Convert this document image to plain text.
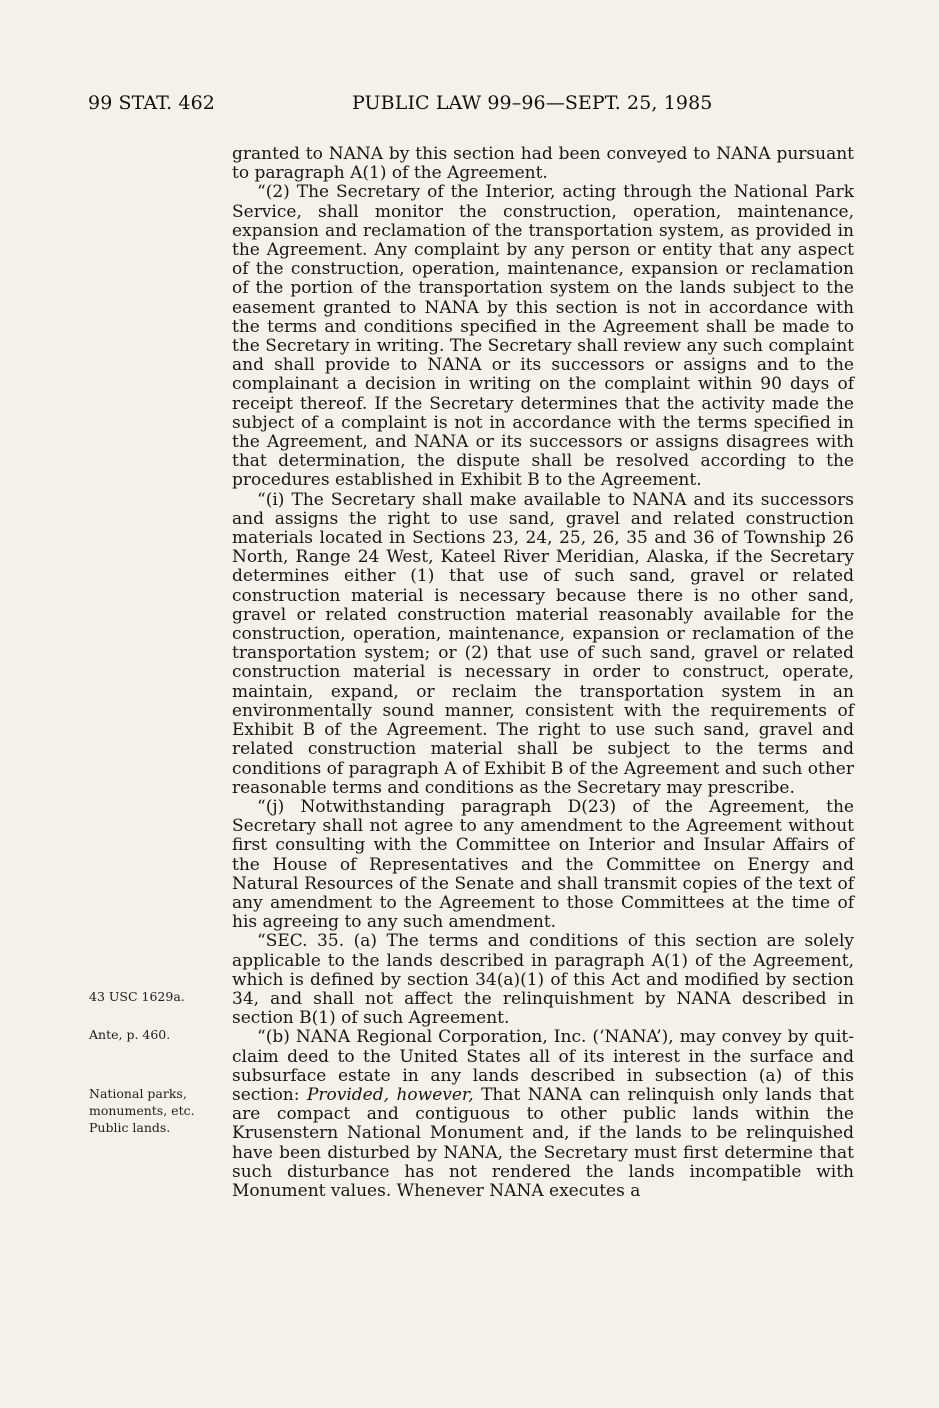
99 STAT. 462	PUBLIC LAW 99–96—SEPT. 25, 1985

granted to NANA by this section had been conveyed to NANA pursuant to paragraph A(1) of the Agreement.

“(2) The Secretary of the Interior, acting through the National Park Service, shall monitor the construction, operation, maintenance, expansion and reclamation of the transportation system, as provided in the Agreement. Any complaint by any person or entity that any aspect of the construction, operation, maintenance, expansion or reclamation of the portion of the transportation system on the lands subject to the easement granted to NANA by this section is not in accordance with the terms and conditions specified in the Agreement shall be made to the Secretary in writing. The Secretary shall review any such complaint and shall provide to NANA or its successors or assigns and to the complainant a decision in writing on the complaint within 90 days of receipt thereof. If the Secretary determines that the activity made the subject of a complaint is not in accordance with the terms specified in the Agreement, and NANA or its successors or assigns disagrees with that determination, the dispute shall be resolved according to the procedures established in Exhibit B to the Agreement.

“(i) The Secretary shall make available to NANA and its successors and assigns the right to use sand, gravel and related construction materials located in Sections 23, 24, 25, 26, 35 and 36 of Township 26 North, Range 24 West, Kateel River Meridian, Alaska, if the Secretary determines either (1) that use of such sand, gravel or related construction material is necessary because there is no other sand, gravel or related construction material reasonably available for the construction, operation, maintenance, expansion or reclamation of the transportation system; or (2) that use of such sand, gravel or related construction material is necessary in order to construct, operate, maintain, expand, or reclaim the transportation system in an environmentally sound manner, consistent with the requirements of Exhibit B of the Agreement. The right to use such sand, gravel and related construction material shall be subject to the terms and conditions of paragraph A of Exhibit B of the Agreement and such other reasonable terms and conditions as the Secretary may prescribe.

“(j) Notwithstanding paragraph D(23) of the Agreement, the Secretary shall not agree to any amendment to the Agreement without first consulting with the Committee on Interior and Insular Affairs of the House of Representatives and the Committee on Energy and Natural Resources of the Senate and shall transmit copies of the text of any amendment to the Agreement to those Committees at the time of his agreeing to any such amendment.

“SEC. 35. (a) The terms and conditions of this section are solely applicable to the lands described in paragraph A(1) of the Agreement, which is defined by section 34(a)(1) of this Act and modified by section 34, and shall not affect the relinquishment by NANA described in section B(1) of such Agreement.

“(b) NANA Regional Corporation, Inc. (‘NANA’), may convey by quit-claim deed to the United States all of its interest in the surface and subsurface estate in any lands described in subsection (a) of this section: Provided, however, That NANA can relinquish only lands that are compact and contiguous to other public lands within the Krusenstern National Monument and, if the lands to be relinquished have been disturbed by NANA, the Secretary must first determine that such disturbance has not rendered the lands incompatible with Monument values. Whenever NANA executes a

43 USC 1629a.
Ante, p. 460.
National parks,
monuments, etc.
Public lands.
